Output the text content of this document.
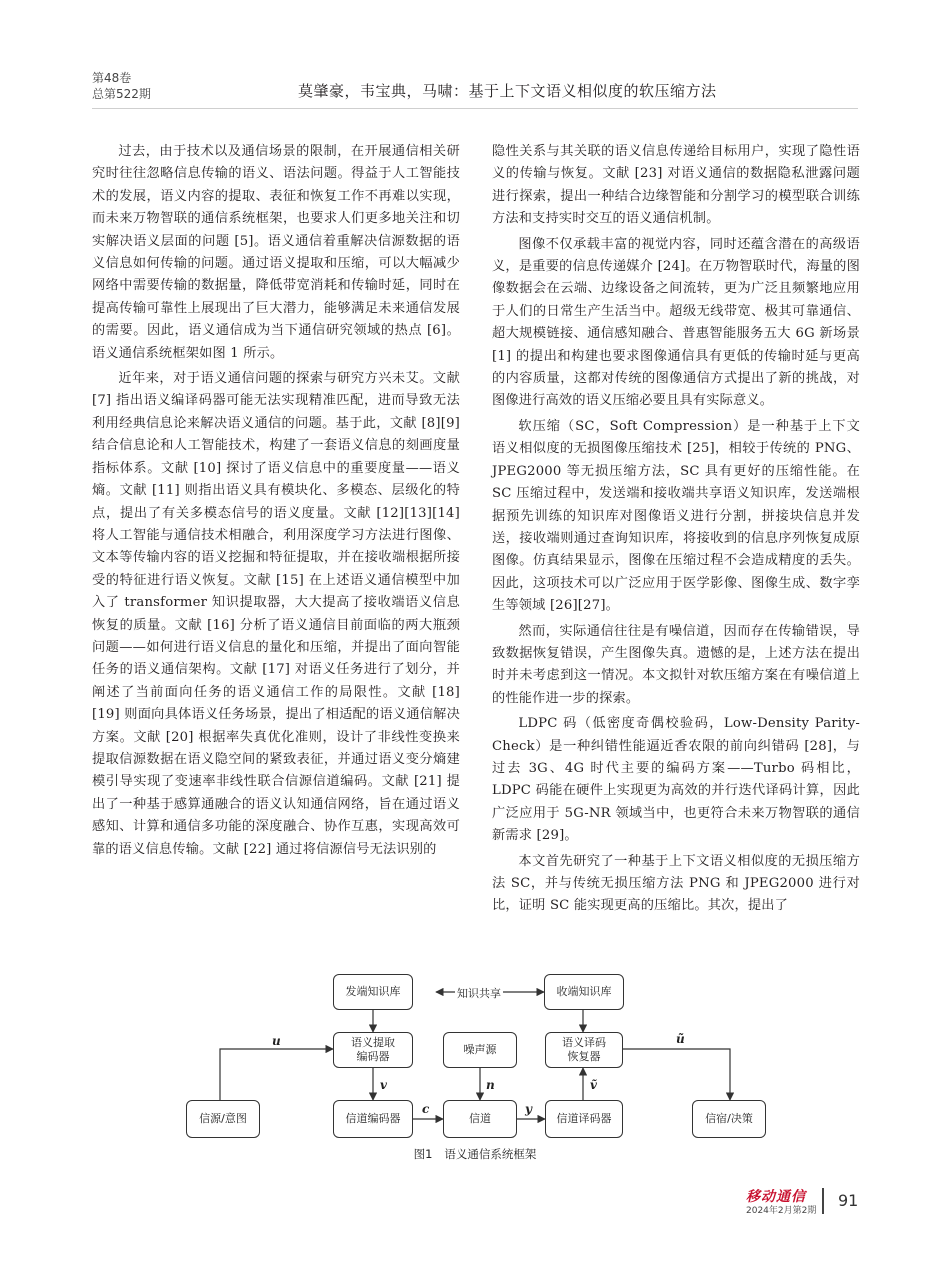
第48卷
总第522期	莫肇豪，韦宝典，马啸：基于上下文语义相似度的软压缩方法

过去，由于技术以及通信场景的限制，在开展通信相关研究时往往忽略信息传输的语义、语法问题。得益于人工智能技术的发展，语义内容的提取、表征和恢复工作不再难以实现，而未来万物智联的通信系统框架，也要求人们更多地关注和切实解决语义层面的问题 [5]。语义通信着重解决信源数据的语义信息如何传输的问题。通过语义提取和压缩，可以大幅减少网络中需要传输的数据量，降低带宽消耗和传输时延，同时在提高传输可靠性上展现出了巨大潜力，能够满足未来通信发展的需要。因此，语义通信成为当下通信研究领域的热点 [6]。语义通信系统框架如图 1 所示。

近年来，对于语义通信问题的探索与研究方兴未艾。文献 [7] 指出语义编译码器可能无法实现精准匹配，进而导致无法利用经典信息论来解决语义通信的问题。基于此，文献 [8][9] 结合信息论和人工智能技术，构建了一套语义信息的刻画度量指标体系。文献 [10] 探讨了语义信息中的重要度量——语义熵。文献 [11] 则指出语义具有模块化、多模态、层级化的特点，提出了有关多模态信号的语义度量。文献 [12][13][14] 将人工智能与通信技术相融合，利用深度学习方法进行图像、文本等传输内容的语义挖掘和特征提取，并在接收端根据所接受的特征进行语义恢复。文献 [15] 在上述语义通信模型中加入了 transformer 知识提取器，大大提高了接收端语义信息恢复的质量。文献 [16] 分析了语义通信目前面临的两大瓶颈问题——如何进行语义信息的量化和压缩，并提出了面向智能任务的语义通信架构。文献 [17] 对语义任务进行了划分，并阐述了当前面向任务的语义通信工作的局限性。文献 [18][19] 则面向具体语义任务场景，提出了相适配的语义通信解决方案。文献 [20] 根据率失真优化准则，设计了非线性变换来提取信源数据在语义隐空间的紧致表征，并通过语义变分熵建模引导实现了变速率非线性联合信源信道编码。文献 [21] 提出了一种基于感算通融合的语义认知通信网络，旨在通过语义感知、计算和通信多功能的深度融合、协作互惠，实现高效可靠的语义信息传输。文献 [22] 通过将信源信号无法识别的

隐性关系与其关联的语义信息传递给目标用户，实现了隐性语义的传输与恢复。文献 [23] 对语义通信的数据隐私泄露问题进行探索，提出一种结合边缘智能和分割学习的模型联合训练方法和支持实时交互的语义通信机制。

图像不仅承载丰富的视觉内容，同时还蕴含潜在的高级语义，是重要的信息传递媒介 [24]。在万物智联时代，海量的图像数据会在云端、边缘设备之间流转，更为广泛且频繁地应用于人们的日常生产生活当中。超级无线带宽、极其可靠通信、超大规模链接、通信感知融合、普惠智能服务五大 6G 新场景 [1] 的提出和构建也要求图像通信具有更低的传输时延与更高的内容质量，这都对传统的图像通信方式提出了新的挑战，对图像进行高效的语义压缩必要且具有实际意义。

软压缩（SC，Soft Compression）是一种基于上下文语义相似度的无损图像压缩技术 [25]，相较于传统的 PNG、JPEG2000 等无损压缩方法，SC 具有更好的压缩性能。在 SC 压缩过程中，发送端和接收端共享语义知识库，发送端根据预先训练的知识库对图像语义进行分割，拼接块信息并发送，接收端则通过查询知识库，将接收到的信息序列恢复成原图像。仿真结果显示，图像在压缩过程不会造成精度的丢失。因此，这项技术可以广泛应用于医学影像、图像生成、数字孪生等领域 [26][27]。

然而，实际通信往往是有噪信道，因而存在传输错误，导致数据恢复错误，产生图像失真。遗憾的是，上述方法在提出时并未考虑到这一情况。本文拟针对软压缩方案在有噪信道上的性能作进一步的探索。

LDPC 码（低密度奇偶校验码，Low-Density Parity-Check）是一种纠错性能逼近香农限的前向纠错码 [28]，与过去 3G、4G 时代主要的编码方案——Turbo 码相比，LDPC 码能在硬件上实现更为高效的并行迭代译码计算，因此广泛应用于 5G-NR 领域当中，也更符合未来万物智联的通信新需求 [29]。

本文首先研究了一种基于上下文语义相似度的无损压缩方法 SC，并与传统无损压缩方法 PNG 和 JPEG2000 进行对比，证明 SC 能实现更高的压缩比。其次，提出了

知识共享
发端知识库	收端知识库
语义提取
编码器
噪声源
语义译码
恢复器
信源/意图	信道编码器	信道	信道译码器	信宿/决策
u
v
c
n
y
ṽ
ũ
图1 语义通信系统框架
移动通信
2024年2月第2期
91
